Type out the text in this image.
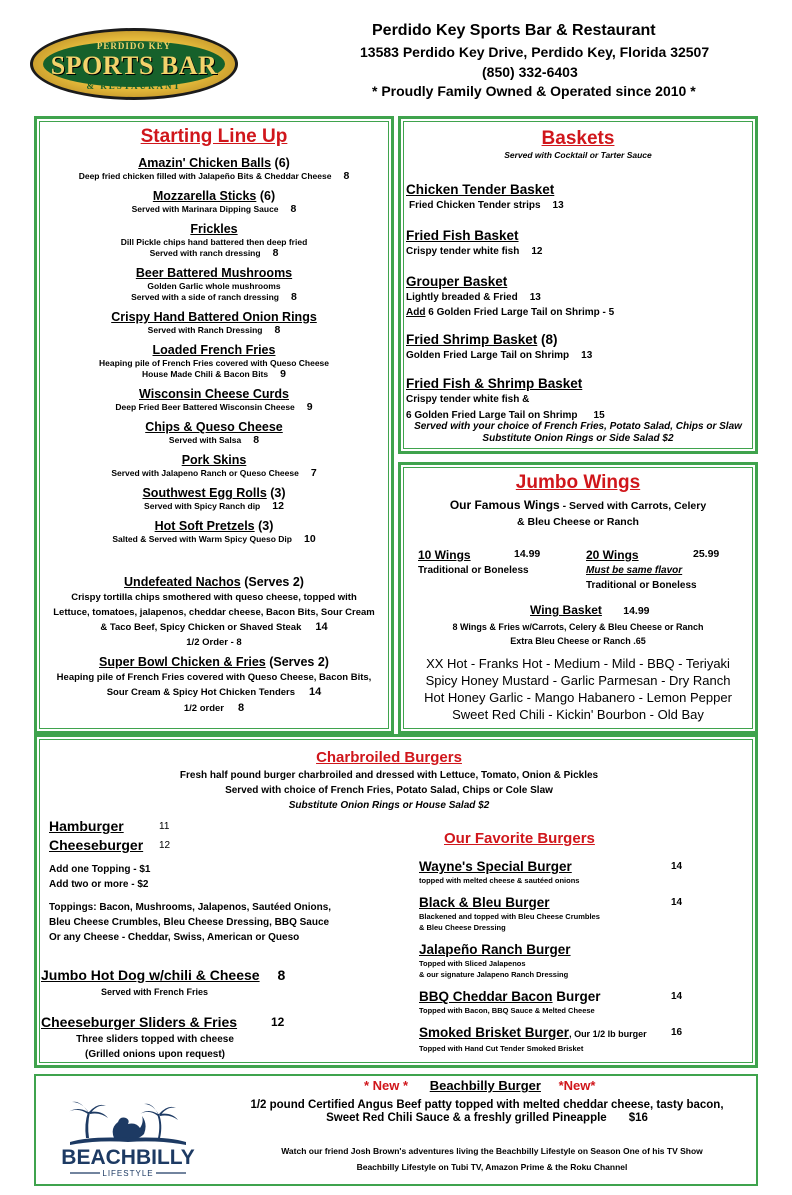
PERDIDO KEY
SPORTS BAR
& RESTAURANT
Perdido Key Sports Bar & Restaurant
13583 Perdido Key Drive, Perdido Key, Florida 32507
(850) 332-6403
* Proudly Family Owned & Operated since 2010 *
Starting Line Up
Amazin' Chicken Balls (6)
Deep fried chicken filled with Jalapeño Bits & Cheddar Cheese 8
Mozzarella Sticks (6)
Served with Marinara Dipping Sauce 8
Frickles
Dill Pickle chips hand battered then deep fried
Served with ranch dressing 8
Beer Battered Mushrooms
Golden Garlic whole mushrooms
Served with a side of ranch dressing 8
Crispy Hand Battered Onion Rings
Served with Ranch Dressing 8
Loaded French Fries
Heaping pile of French Fries covered with Queso Cheese
House Made Chili & Bacon Bits 9
Wisconsin Cheese Curds
Deep Fried Beer Battered Wisconsin Cheese 9
Chips & Queso Cheese
Served with Salsa 8
Pork Skins
Served with Jalapeno Ranch or Queso Cheese 7
Southwest Egg Rolls (3)
Served with Spicy Ranch dip 12
Hot Soft Pretzels (3)
Salted & Served with Warm Spicy Queso Dip 10
Undefeated Nachos (Serves 2)
Crispy tortilla chips smothered with queso cheese, topped with
Lettuce, tomatoes, jalapenos, cheddar cheese, Bacon Bits, Sour Cream
& Taco Beef, Spicy Chicken or Shaved Steak 14
1/2 Order - 8
Super Bowl Chicken & Fries (Serves 2)
Heaping pile of French Fries covered with Queso Cheese, Bacon Bits,
Sour Cream & Spicy Hot Chicken Tenders 14
1/2 order 8
Baskets
Served with Cocktail or Tarter Sauce
Chicken Tender Basket
Fried Chicken Tender strips 13
Fried Fish Basket
Crispy tender white fish 12
Grouper Basket
Lightly breaded & Fried 13
Add 6 Golden Fried Large Tail on Shrimp - 5
Fried Shrimp Basket (8)
Golden Fried Large Tail on Shrimp 13
Fried Fish & Shrimp Basket
Crispy tender white fish &
6 Golden Fried Large Tail on Shrimp 15
Served with your choice of French Fries, Potato Salad, Chips or Slaw
Substitute Onion Rings or Side Salad $2
Jumbo Wings
Our Famous Wings - Served with Carrots, Celery
& Bleu Cheese or Ranch
10 Wings	14.99
Traditional or Boneless
20 Wings	25.99
Must be same flavor
Traditional or Boneless
Wing Basket 14.99
8 Wings & Fries w/Carrots, Celery & Bleu Cheese or Ranch
Extra Bleu Cheese or Ranch .65
XX Hot - Franks Hot - Medium - Mild - BBQ - Teriyaki
Spicy Honey Mustard - Garlic Parmesan - Dry Ranch
Hot Honey Garlic - Mango Habanero - Lemon Pepper
Sweet Red Chili - Kickin' Bourbon - Old Bay
Charbroiled Burgers
Fresh half pound burger charbroiled and dressed with Lettuce, Tomato, Onion & Pickles
Served with choice of French Fries, Potato Salad, Chips or Cole Slaw
Substitute Onion Rings or House Salad $2
Hamburger	11
Cheeseburger 12
Add one Topping - $1
Add two or more - $2
Toppings: Bacon, Mushrooms, Jalapenos, Sautéed Onions,
Bleu Cheese Crumbles, Bleu Cheese Dressing, BBQ Sauce
Or any Cheese - Cheddar, Swiss, American or Queso
Jumbo Hot Dog w/chili & Cheese 8
Served with French Fries
Cheeseburger Sliders & Fries	12
Three sliders topped with cheese
(Grilled onions upon request)
Our Favorite Burgers
Wayne's Special Burger	14
topped with melted cheese & sautéed onions
Black & Bleu Burger	14
Blackened and topped with Bleu Cheese Crumbles
& Bleu Cheese Dressing
Jalapeño Ranch Burger
Topped with Sliced Jalapenos
& our signature Jalapeno Ranch Dressing
BBQ Cheddar Bacon Burger	14
Topped with Bacon, BBQ Sauce & Melted Cheese
Smoked Brisket Burger, Our 1/2 lb burger	16
Topped with Hand Cut Tender Smoked Brisket
BEACHBILLY
LIFESTYLE
* New * Beachbilly Burger *New*
1/2 pound Certified Angus Beef patty topped with melted cheddar cheese, tasty bacon,
Sweet Red Chili Sauce & a freshly grilled Pineapple $16
Watch our friend Josh Brown's adventures living the Beachbilly Lifestyle on Season One of his TV Show
Beachbilly Lifestyle on Tubi TV, Amazon Prime & the Roku Channel
